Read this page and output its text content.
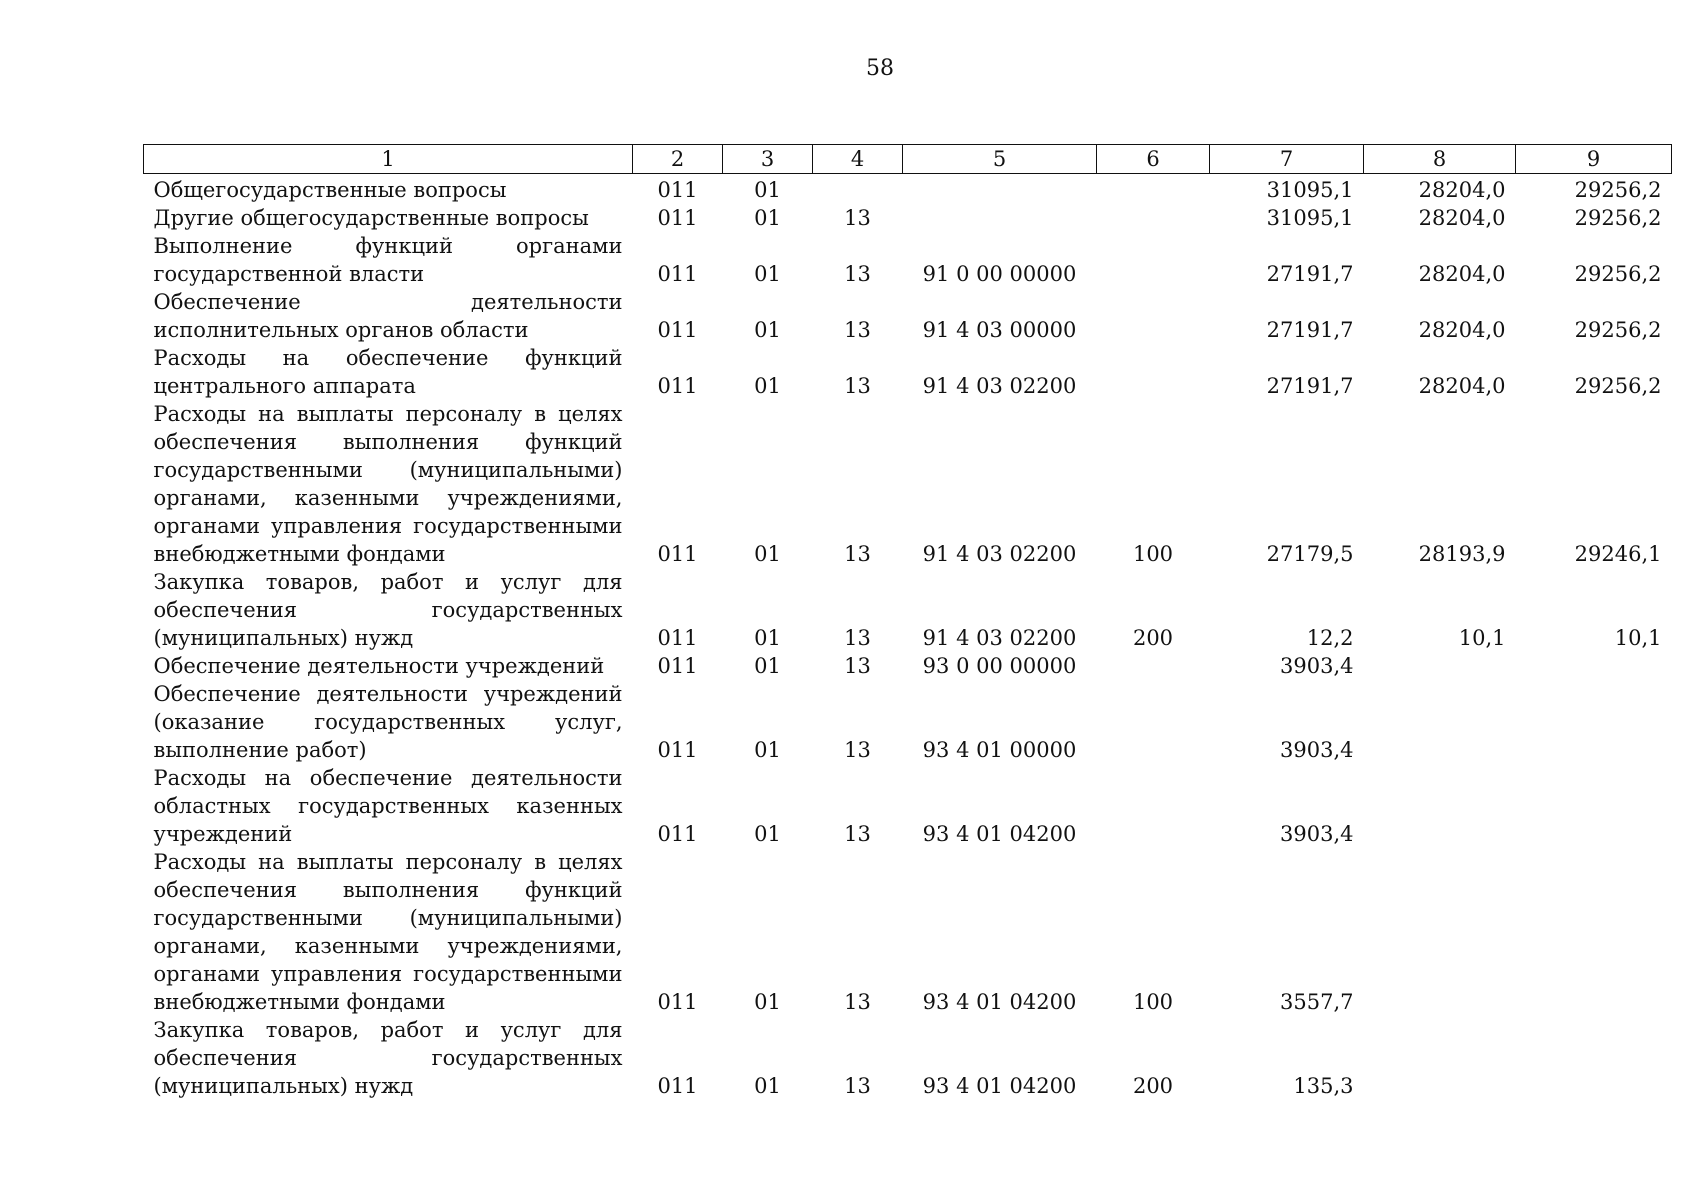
58
1	2	3	4	5	6	7	8	9
Общегосударственные вопросы	011	01				31095,1	28204,0	29256,2
Другие общегосударственные вопросы	011	01	13			31095,1	28204,0	29256,2
Выполнение функций органами государственной власти	011	01	13	91 0 00 00000		27191,7	28204,0	29256,2
Обеспечение деятельности исполнительных органов области	011	01	13	91 4 03 00000		27191,7	28204,0	29256,2
Расходы на обеспечение функций центрального аппарата	011	01	13	91 4 03 02200		27191,7	28204,0	29256,2
Расходы на выплаты персоналу в целях обеспечения выполнения функций государственными (муниципальными) органами, казенными учреждениями, органами управления государственными внебюджетными фондами	011	01	13	91 4 03 02200	100	27179,5	28193,9	29246,1
Закупка товаров, работ и услуг для обеспечения государственных (муниципальных) нужд	011	01	13	91 4 03 02200	200	12,2	10,1	10,1
Обеспечение деятельности учреждений	011	01	13	93 0 00 00000		3903,4		
Обеспечение деятельности учреждений (оказание государственных услуг, выполнение работ)	011	01	13	93 4 01 00000		3903,4		
Расходы на обеспечение деятельности областных государственных казенных учреждений	011	01	13	93 4 01 04200		3903,4		
Расходы на выплаты персоналу в целях обеспечения выполнения функций государственными (муниципальными) органами, казенными учреждениями, органами управления государственными внебюджетными фондами	011	01	13	93 4 01 04200	100	3557,7		
Закупка товаров, работ и услуг для обеспечения государственных (муниципальных) нужд	011	01	13	93 4 01 04200	200	135,3		
